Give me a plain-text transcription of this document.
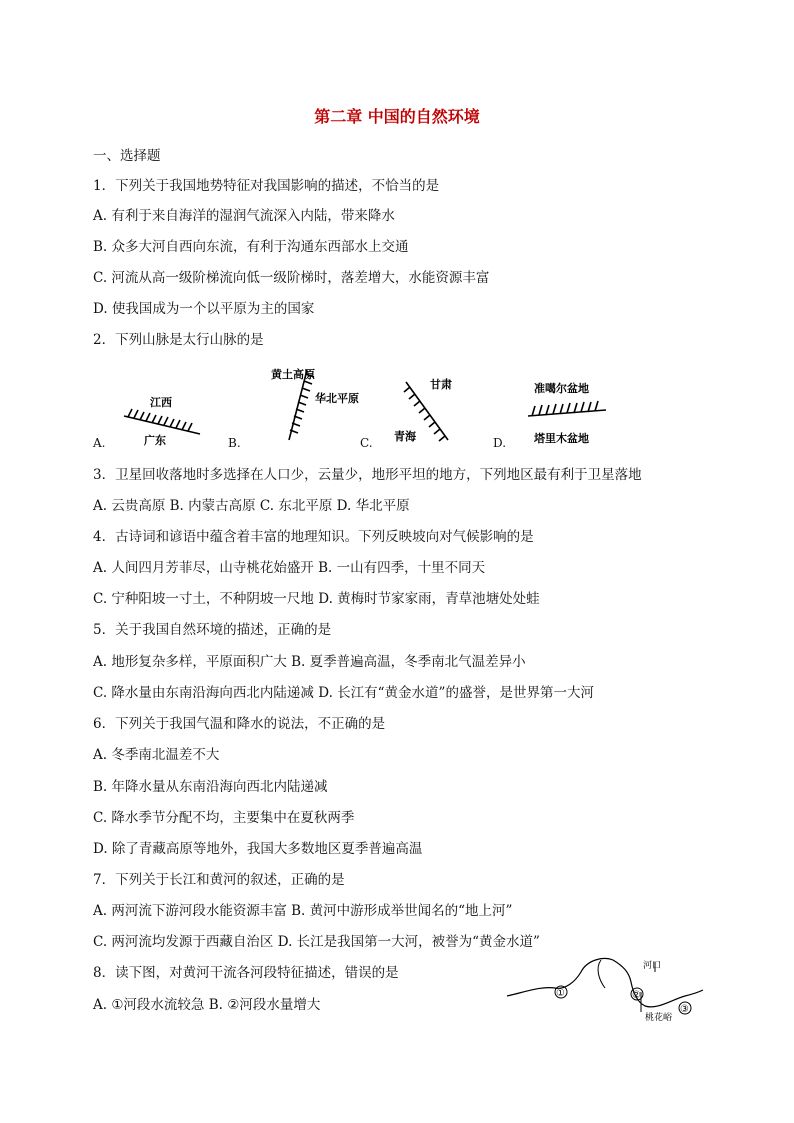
第二章 中国的自然环境
一、选择题
1．下列关于我国地势特征对我国影响的描述，不恰当的是
A. 有利于来自海洋的湿润气流深入内陆，带来降水
B. 众多大河自西向东流，有利于沟通东西部水上交通
C. 河流从高一级阶梯流向低一级阶梯时，落差增大，水能资源丰富
D. 使我国成为一个以平原为主的国家
2．下列山脉是太行山脉的是
A.	B.	C.	D.
江西
广东
黄土高原
华北平原
甘肃
青海
准噶尔盆地
塔里木盆地
3．卫星回收落地时多选择在人口少，云量少，地形平坦的地方，下列地区最有利于卫星落地
A. 云贵高原 B. 内蒙古高原 C. 东北平原 D. 华北平原
4．古诗词和谚语中蕴含着丰富的地理知识。下列反映坡向对气候影响的是
A. 人间四月芳菲尽，山寺桃花始盛开 B. 一山有四季，十里不同天
C. 宁种阳坡一寸土，不种阴坡一尺地 D. 黄梅时节家家雨，青草池塘处处蛙
5．关于我国自然环境的描述，正确的是
A. 地形复杂多样，平原面积广大 B. 夏季普遍高温，冬季南北气温差异小
C. 降水量由东南沿海向西北内陆递减 D. 长江有“黄金水道”的盛誉，是世界第一大河
6．下列关于我国气温和降水的说法，不正确的是
A. 冬季南北温差不大
B. 年降水量从东南沿海向西北内陆递减
C. 降水季节分配不均，主要集中在夏秋两季
D. 除了青藏高原等地外，我国大多数地区夏季普遍高温
7．下列关于长江和黄河的叙述，正确的是
A. 两河流下游河段水能资源丰富 B. 黄河中游形成举世闻名的“地上河”
C. 两河流均发源于西藏自治区 D. 长江是我国第一大河，被誉为“黄金水道”
8．读下图，对黄河干流各河段特征描述，错误的是
A. ①河段水流较急 B. ②河段水量增大
①	②
③
河口
桃花峪
